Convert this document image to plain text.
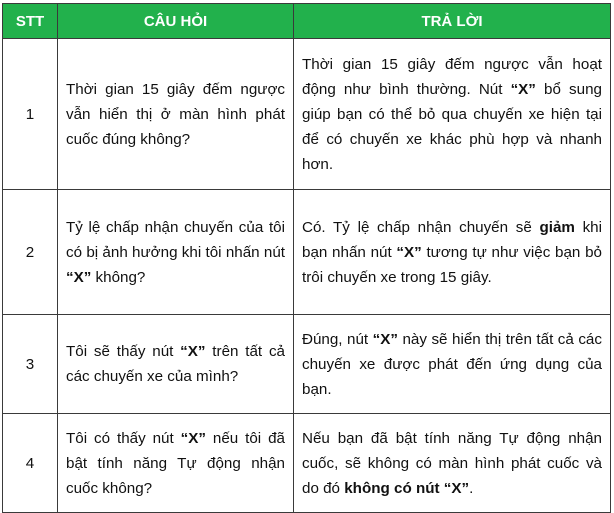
STT	CÂU HỎI	TRẢ LỜI
1	Thời gian 15 giây đếm ngược vẫn hiển thị ở màn hình phát cuốc đúng không?	Thời gian 15 giây đếm ngược vẫn hoạt động như bình thường. Nút “X” bổ sung giúp bạn có thể bỏ qua chuyến xe hiện tại để có chuyến xe khác phù hợp và nhanh hơn.
2	Tỷ lệ chấp nhận chuyến của tôi có bị ảnh hưởng khi tôi nhấn nút “X” không?	Có. Tỷ lệ chấp nhận chuyến sẽ giảm khi bạn nhấn nút “X” tương tự như việc bạn bỏ trôi chuyến xe trong 15 giây.
3	Tôi sẽ thấy nút “X” trên tất cả các chuyến xe của mình?	Đúng, nút “X” này sẽ hiển thị trên tất cả các chuyến xe được phát đến ứng dụng của bạn.
4	Tôi có thấy nút “X” nếu tôi đã bật tính năng Tự động nhận cuốc không?	Nếu bạn đã bật tính năng Tự động nhận cuốc, sẽ không có màn hình phát cuốc và do đó không có nút “X”.
